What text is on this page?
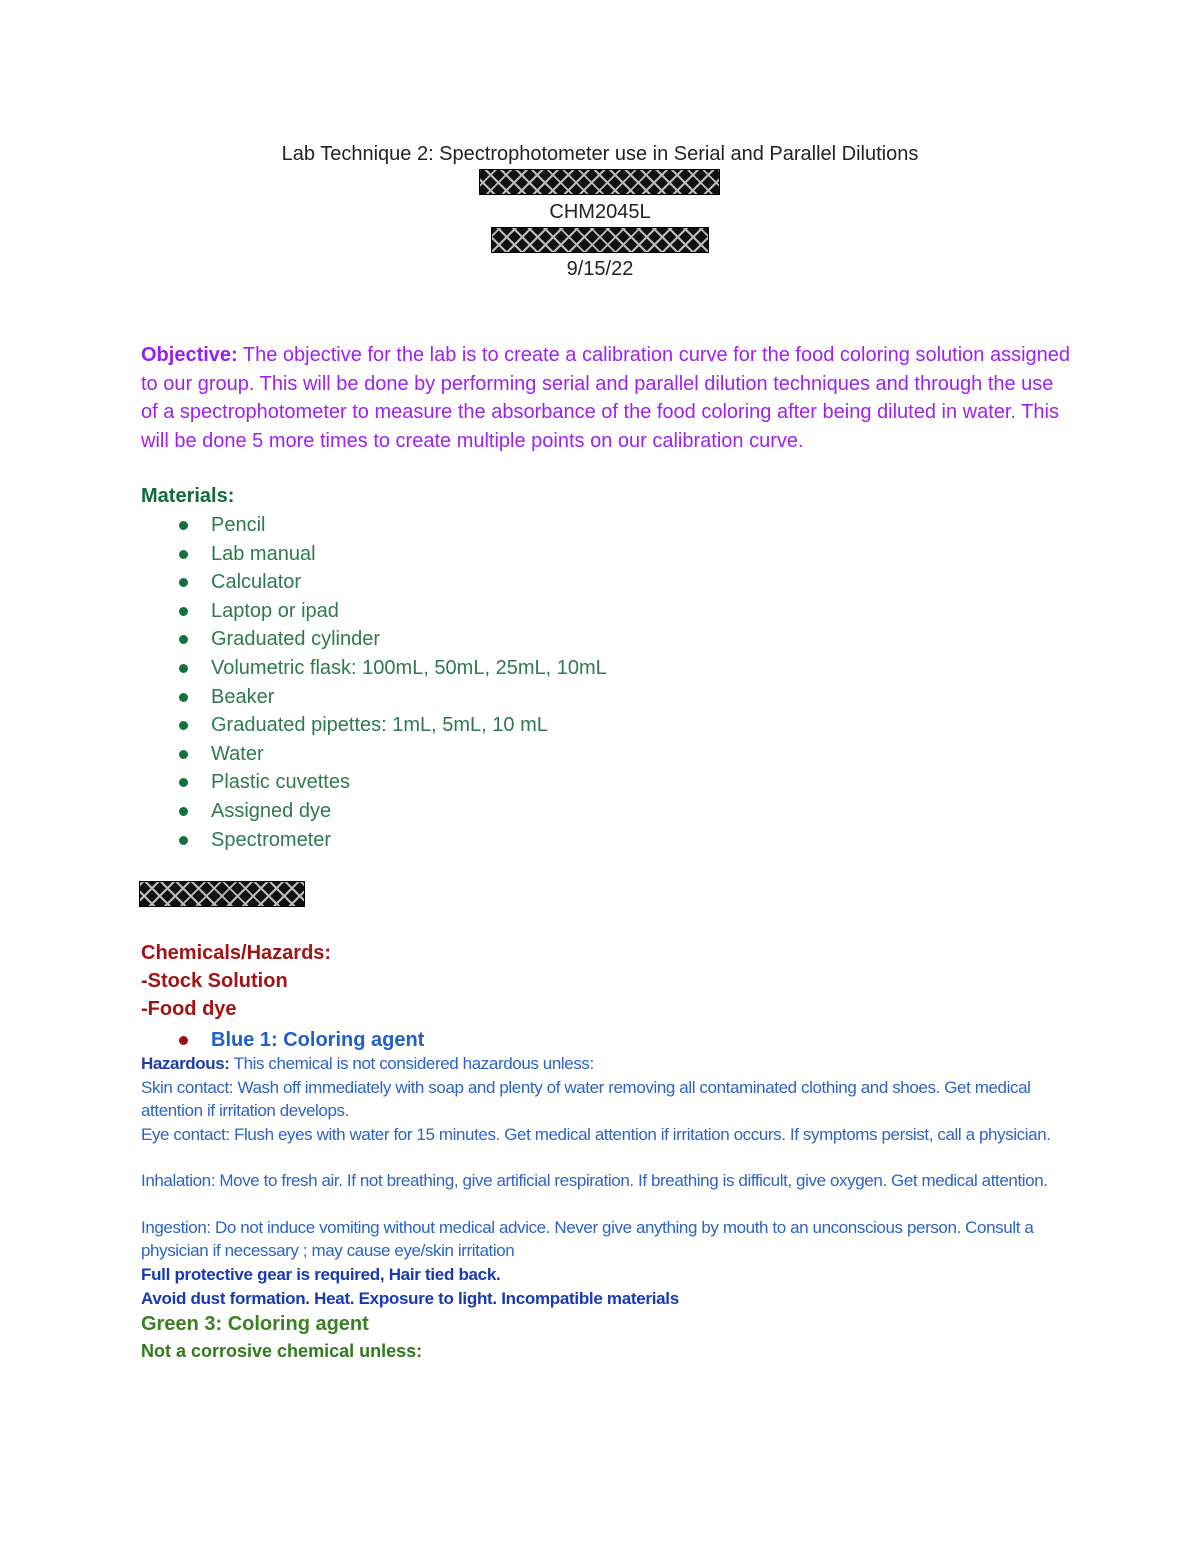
Lab Technique 2: Spectrophotometer use in Serial and Parallel Dilutions
CHM2045L
9/15/22
Objective: The objective for the lab is to create a calibration curve for the food coloring solution assigned to our group. This will be done by performing serial and parallel dilution techniques and through the use of a spectrophotometer to measure the absorbance of the food coloring after being diluted in water. This will be done 5 more times to create multiple points on our calibration curve.
Materials:
Pencil
Lab manual
Calculator
Laptop or ipad
Graduated cylinder
Volumetric flask: 100mL, 50mL, 25mL, 10mL
Beaker
Graduated pipettes: 1mL, 5mL, 10 mL
Water
Plastic cuvettes
Assigned dye
Spectrometer
Chemicals/Hazards:
-Stock Solution
-Food dye
Blue 1: Coloring agent
Hazardous: This chemical is not considered hazardous unless:
Skin contact: Wash off immediately with soap and plenty of water removing all contaminated clothing and shoes. Get medical attention if irritation develops.
Eye contact: Flush eyes with water for 15 minutes. Get medical attention if irritation occurs. If symptoms persist, call a physician.
Inhalation: Move to fresh air. If not breathing, give artificial respiration. If breathing is difficult, give oxygen. Get medical attention.
Ingestion: Do not induce vomiting without medical advice. Never give anything by mouth to an unconscious person. Consult a physician if necessary ; may cause eye/skin irritation
Full protective gear is required, Hair tied back.
Avoid dust formation. Heat. Exposure to light. Incompatible materials
Green 3: Coloring agent
Not a corrosive chemical unless:
